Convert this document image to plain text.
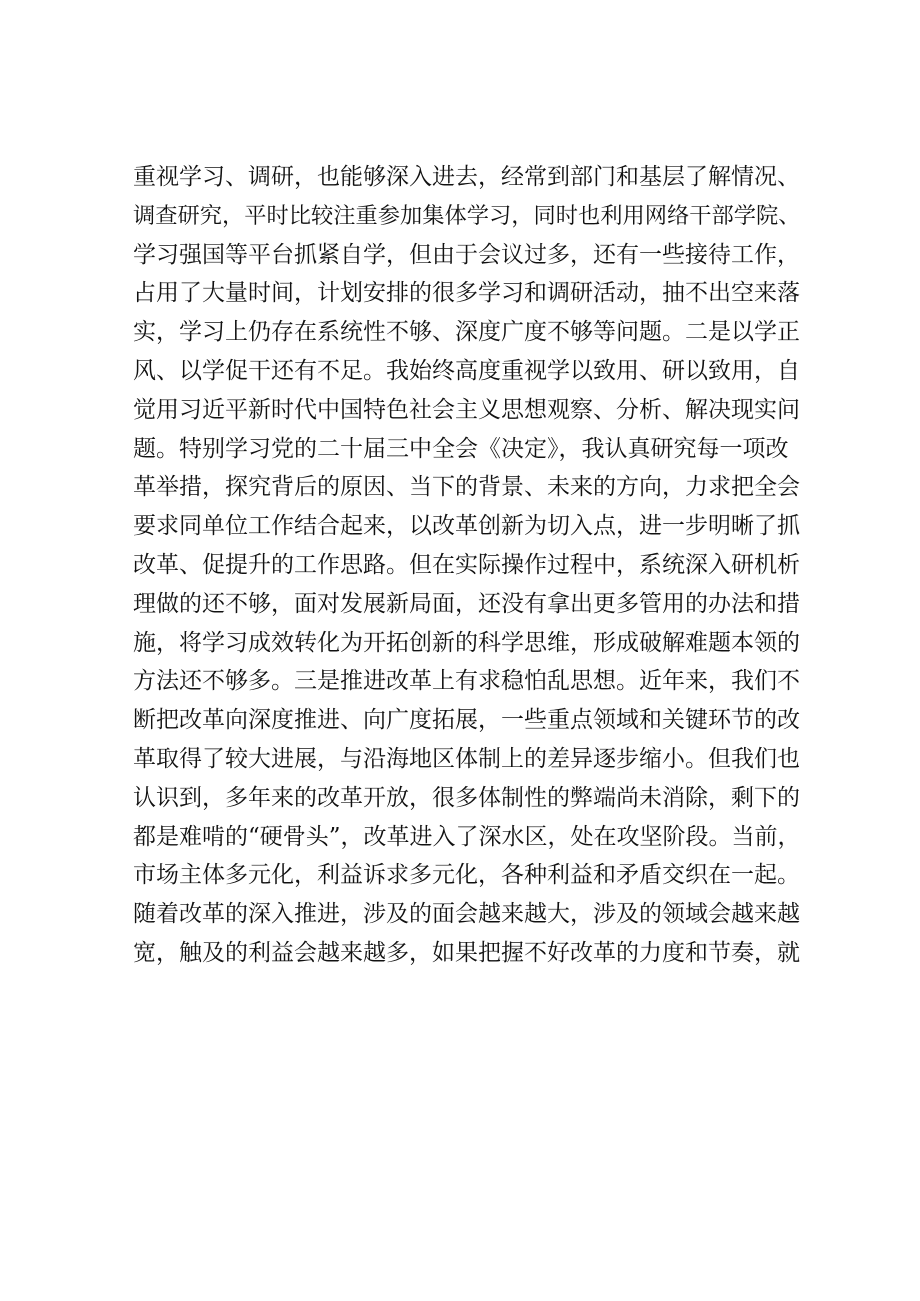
重视学习、调研，也能够深入进去，经常到部门和基层了解情况、
调查研究，平时比较注重参加集体学习，同时也利用网络干部学院、
学习强国等平台抓紧自学，但由于会议过多，还有一些接待工作，
占用了大量时间，计划安排的很多学习和调研活动，抽不出空来落
实，学习上仍存在系统性不够、深度广度不够等问题。二是以学正
风、以学促干还有不足。我始终高度重视学以致用、研以致用，自
觉用习近平新时代中国特色社会主义思想观察、分析、解决现实问
题。特别学习党的二十届三中全会《决定》，我认真研究每一项改
革举措，探究背后的原因、当下的背景、未来的方向，力求把全会
要求同单位工作结合起来，以改革创新为切入点，进一步明晰了抓
改革、促提升的工作思路。但在实际操作过程中，系统深入研机析
理做的还不够，面对发展新局面，还没有拿出更多管用的办法和措
施，将学习成效转化为开拓创新的科学思维，形成破解难题本领的
方法还不够多。三是推进改革上有求稳怕乱思想。近年来，我们不
断把改革向深度推进、向广度拓展，一些重点领域和关键环节的改
革取得了较大进展，与沿海地区体制上的差异逐步缩小。但我们也
认识到，多年来的改革开放，很多体制性的弊端尚未消除，剩下的
都是难啃的“硬骨头”，改革进入了深水区，处在攻坚阶段。当前，
市场主体多元化，利益诉求多元化，各种利益和矛盾交织在一起。
随着改革的深入推进，涉及的面会越来越大，涉及的领域会越来越
宽，触及的利益会越来越多，如果把握不好改革的力度和节奏，就
